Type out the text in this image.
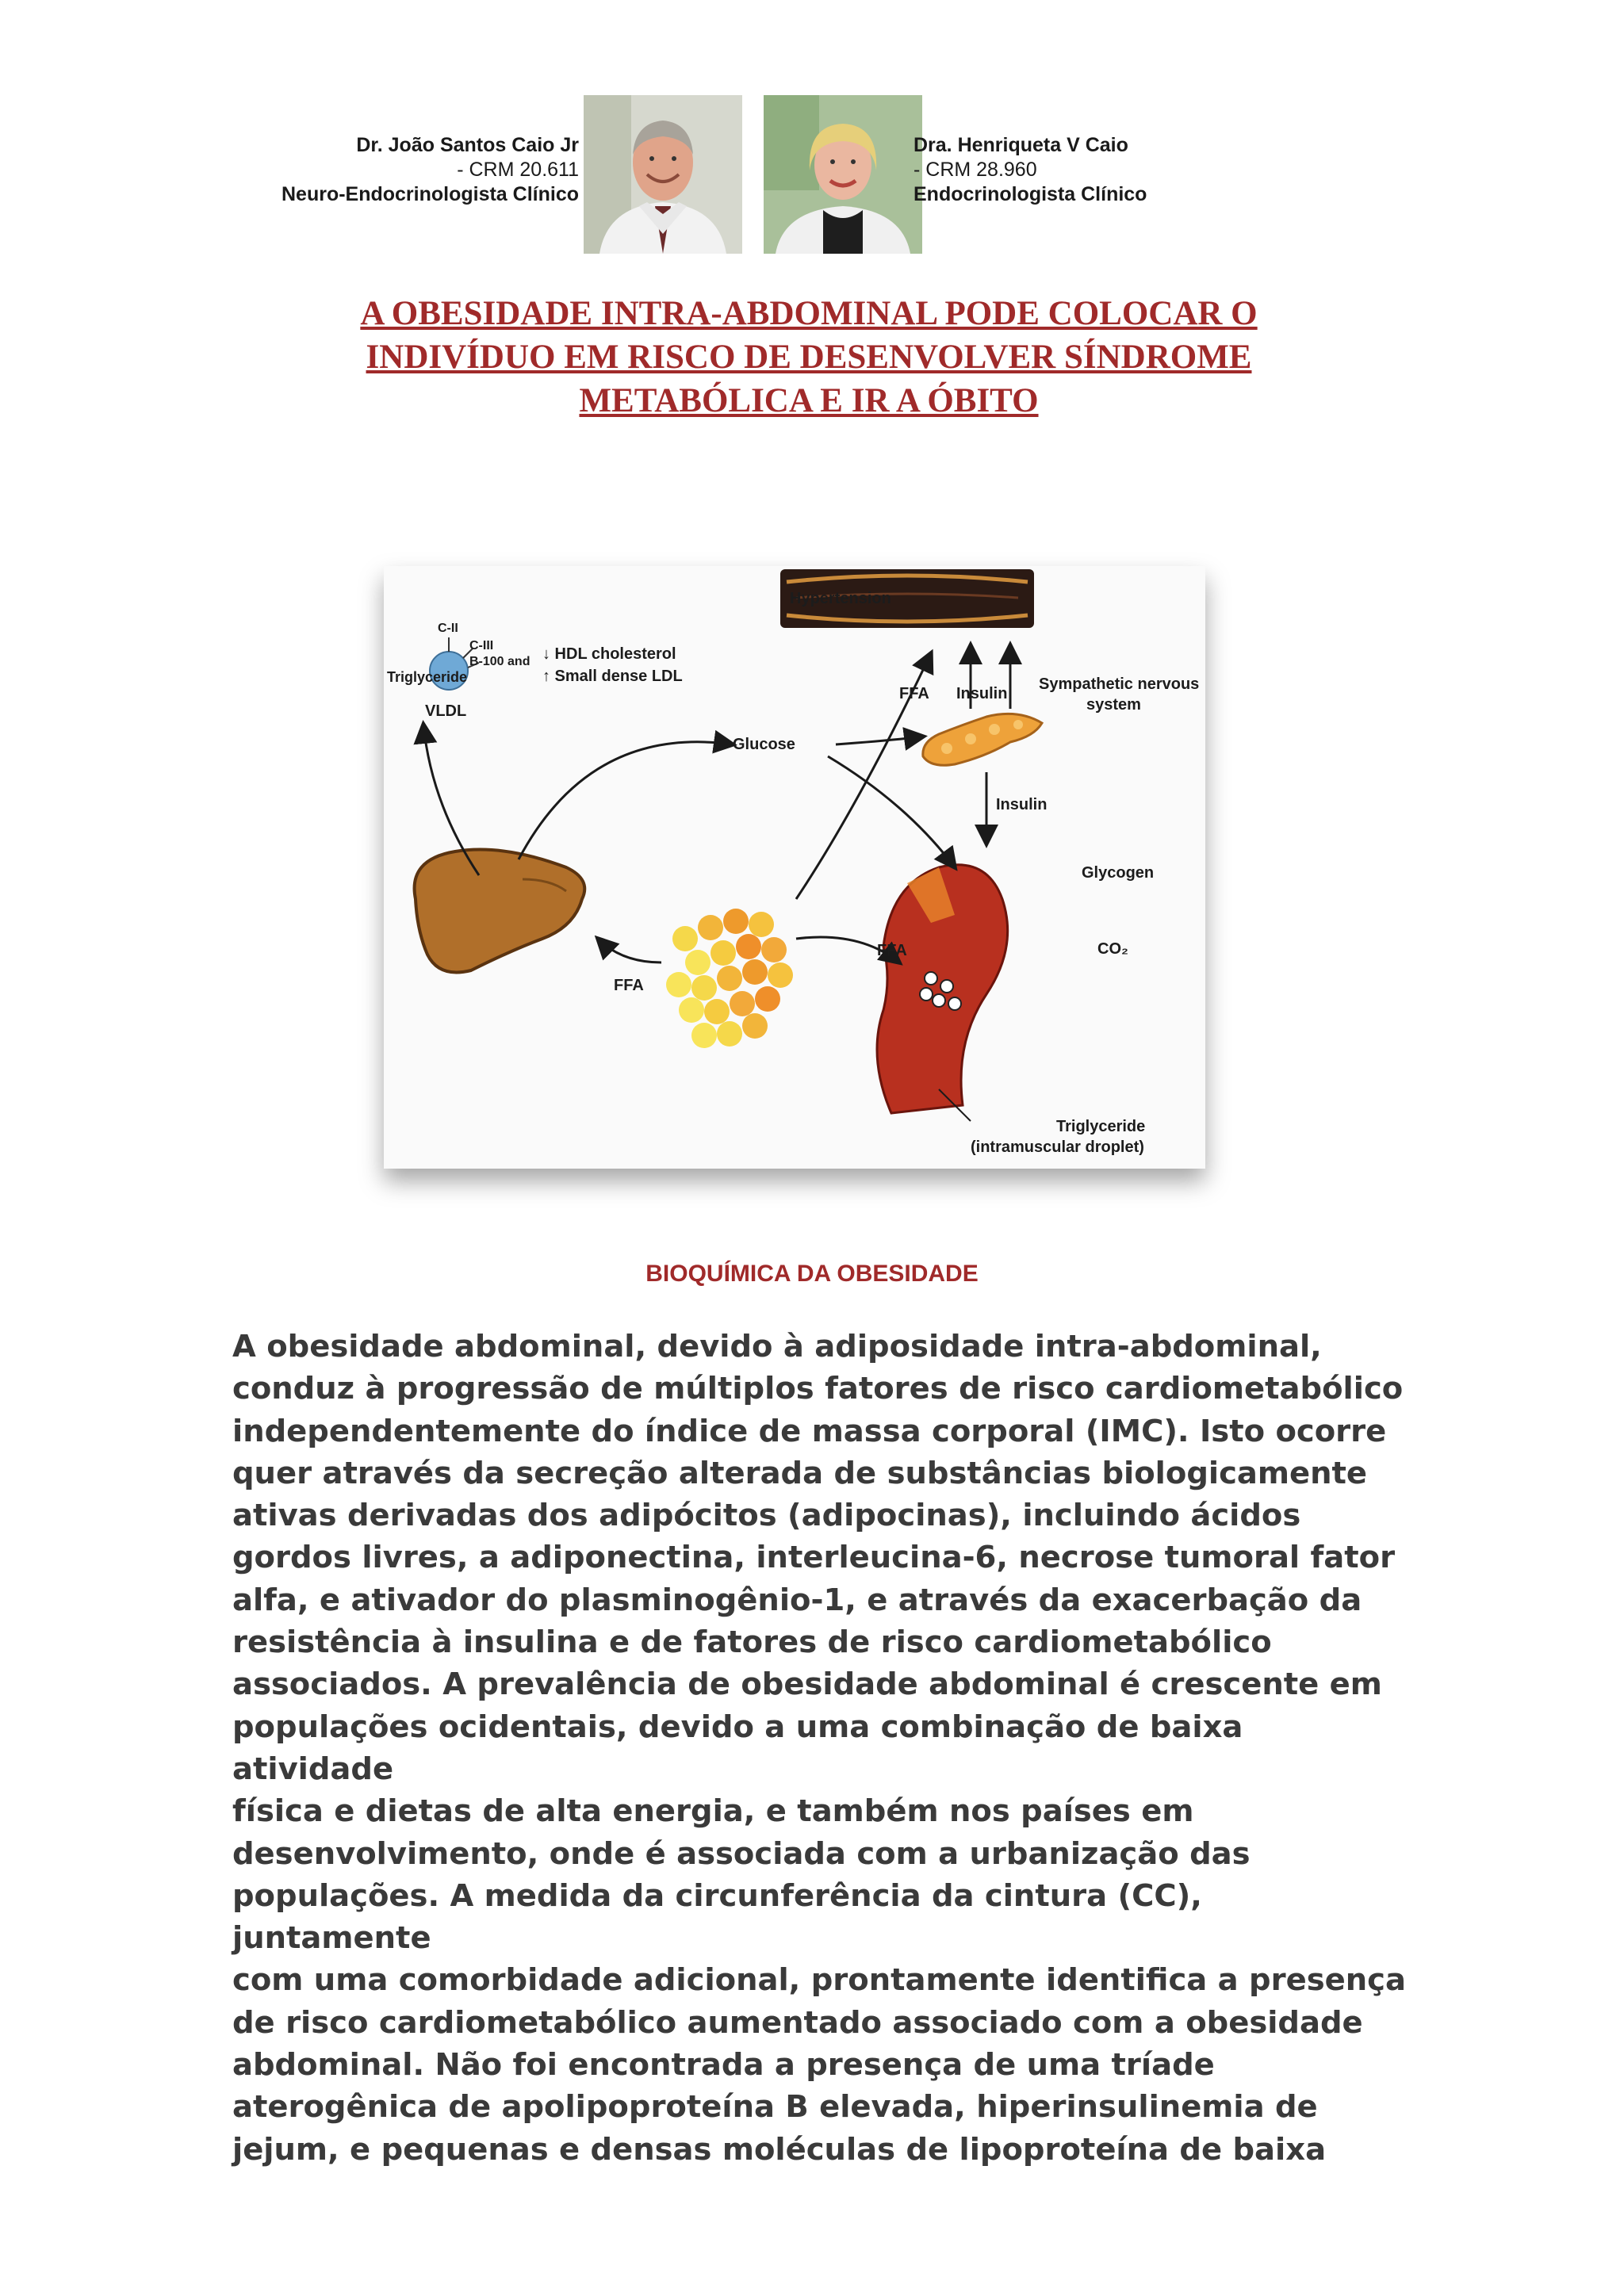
Dr. João Santos Caio Jr
- CRM 20.611
Neuro-Endocrinologista Clínico
Dra. Henriqueta V Caio
- CRM 28.960
Endocrinologista Clínico
A OBESIDADE INTRA-ABDOMINAL PODE COLOCAR O
INDIVÍDUO EM RISCO DE DESENVOLVER SÍNDROME
METABÓLICA E IR A ÓBITO
Hypertension
C-II
C-III
B-100 and
Triglyceride
VLDL
↓ HDL cholesterol
↑ Small dense LDL
Glucose
FFA Insulin
Sympathetic nervous
system
Insulin
Glycogen
CO₂
FFA
FFA
Triglyceride
(intramuscular droplet)
BIOQUÍMICA DA OBESIDADE
A obesidade abdominal, devido à adiposidade intra-abdominal,
conduz à progressão de múltiplos fatores de risco cardiometabólico
independentemente do índice de massa corporal (IMC). Isto ocorre
quer através da secreção alterada de substâncias biologicamente
ativas derivadas dos adipócitos (adipocinas), incluindo ácidos
gordos livres, a adiponectina, interleucina-6, necrose tumoral fator
alfa, e ativador do plasminogênio-1, e através da exacerbação da
resistência à insulina e de fatores de risco cardiometabólico
associados. A prevalência de obesidade abdominal é crescente em
populações ocidentais, devido a uma combinação de baixa atividade
física e dietas de alta energia, e também nos países em
desenvolvimento, onde é associada com a urbanização das
populações. A medida da circunferência da cintura (CC), juntamente
com uma comorbidade adicional, prontamente identifica a presença
de risco cardiometabólico aumentado associado com a obesidade
abdominal. Não foi encontrada a presença de uma tríade
aterogênica de apolipoproteína B elevada, hiperinsulinemia de
jejum, e pequenas e densas moléculas de lipoproteína de baixa
